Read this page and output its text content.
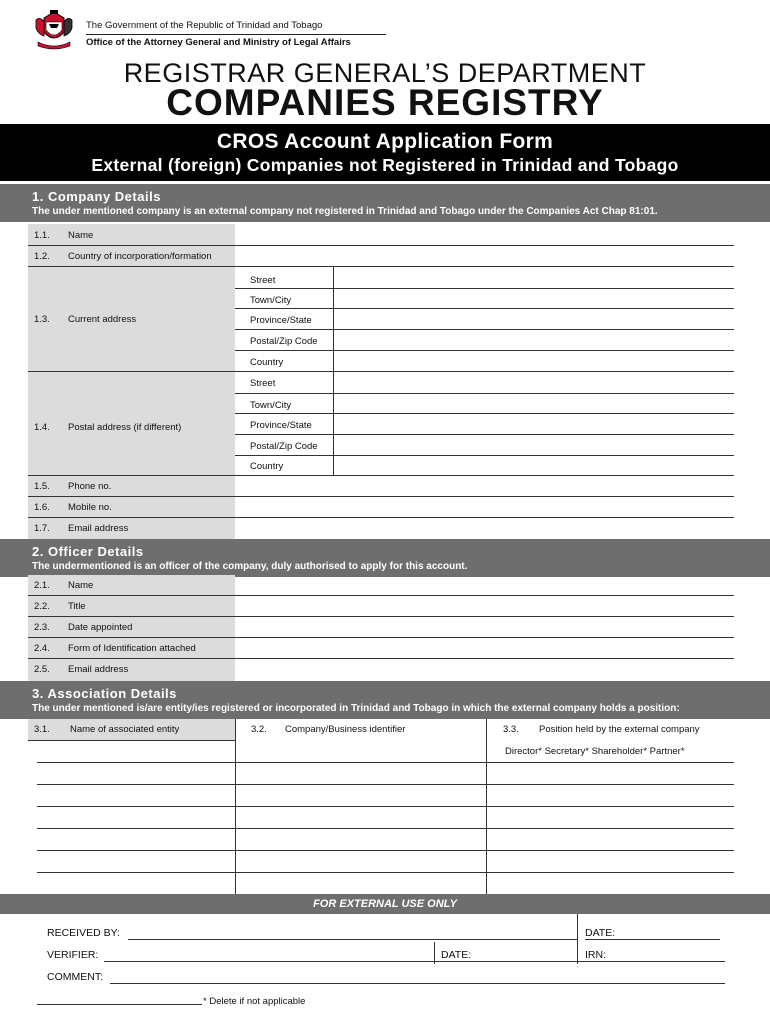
The Government of the Republic of Trinidad and Tobago
Office of the Attorney General and Ministry of Legal Affairs
REGISTRAR GENERAL’S DEPARTMENT
COMPANIES REGISTRY
CROS Account Application Form
External (foreign) Companies not Registered in Trinidad and Tobago
1. Company Details
The under mentioned company is an external company not registered in Trinidad and Tobago under the Companies Act Chap 81:01.
1.1. Name
1.2. Country of incorporation/formation
1.3. Current address
Street
Town/City
Province/State
Postal/Zip Code
Country
1.4. Postal address (if different)
Street
Town/City
Province/State
Postal/Zip Code
Country
1.5. Phone no.
1.6. Mobile no.
1.7. Email address
2. Officer Details
The undermentioned is an officer of the company, duly authorised to apply for this account.
2.1. Name
2.2. Title
2.3. Date appointed
2.4. Form of Identification attached
2.5. Email address
3. Association Details
The under mentioned is/are entity/ies registered or incorporated in Trinidad and Tobago in which the external company holds a position:
3.1. Name of associated entity	3.2. Company/Business identifier	3.3. Position held by the external company
Director* Secretary* Shareholder* Partner*
FOR EXTERNAL USE ONLY
RECEIVED BY:	DATE:
VERIFIER:	DATE:	IRN:
COMMENT:
* Delete if not applicable
